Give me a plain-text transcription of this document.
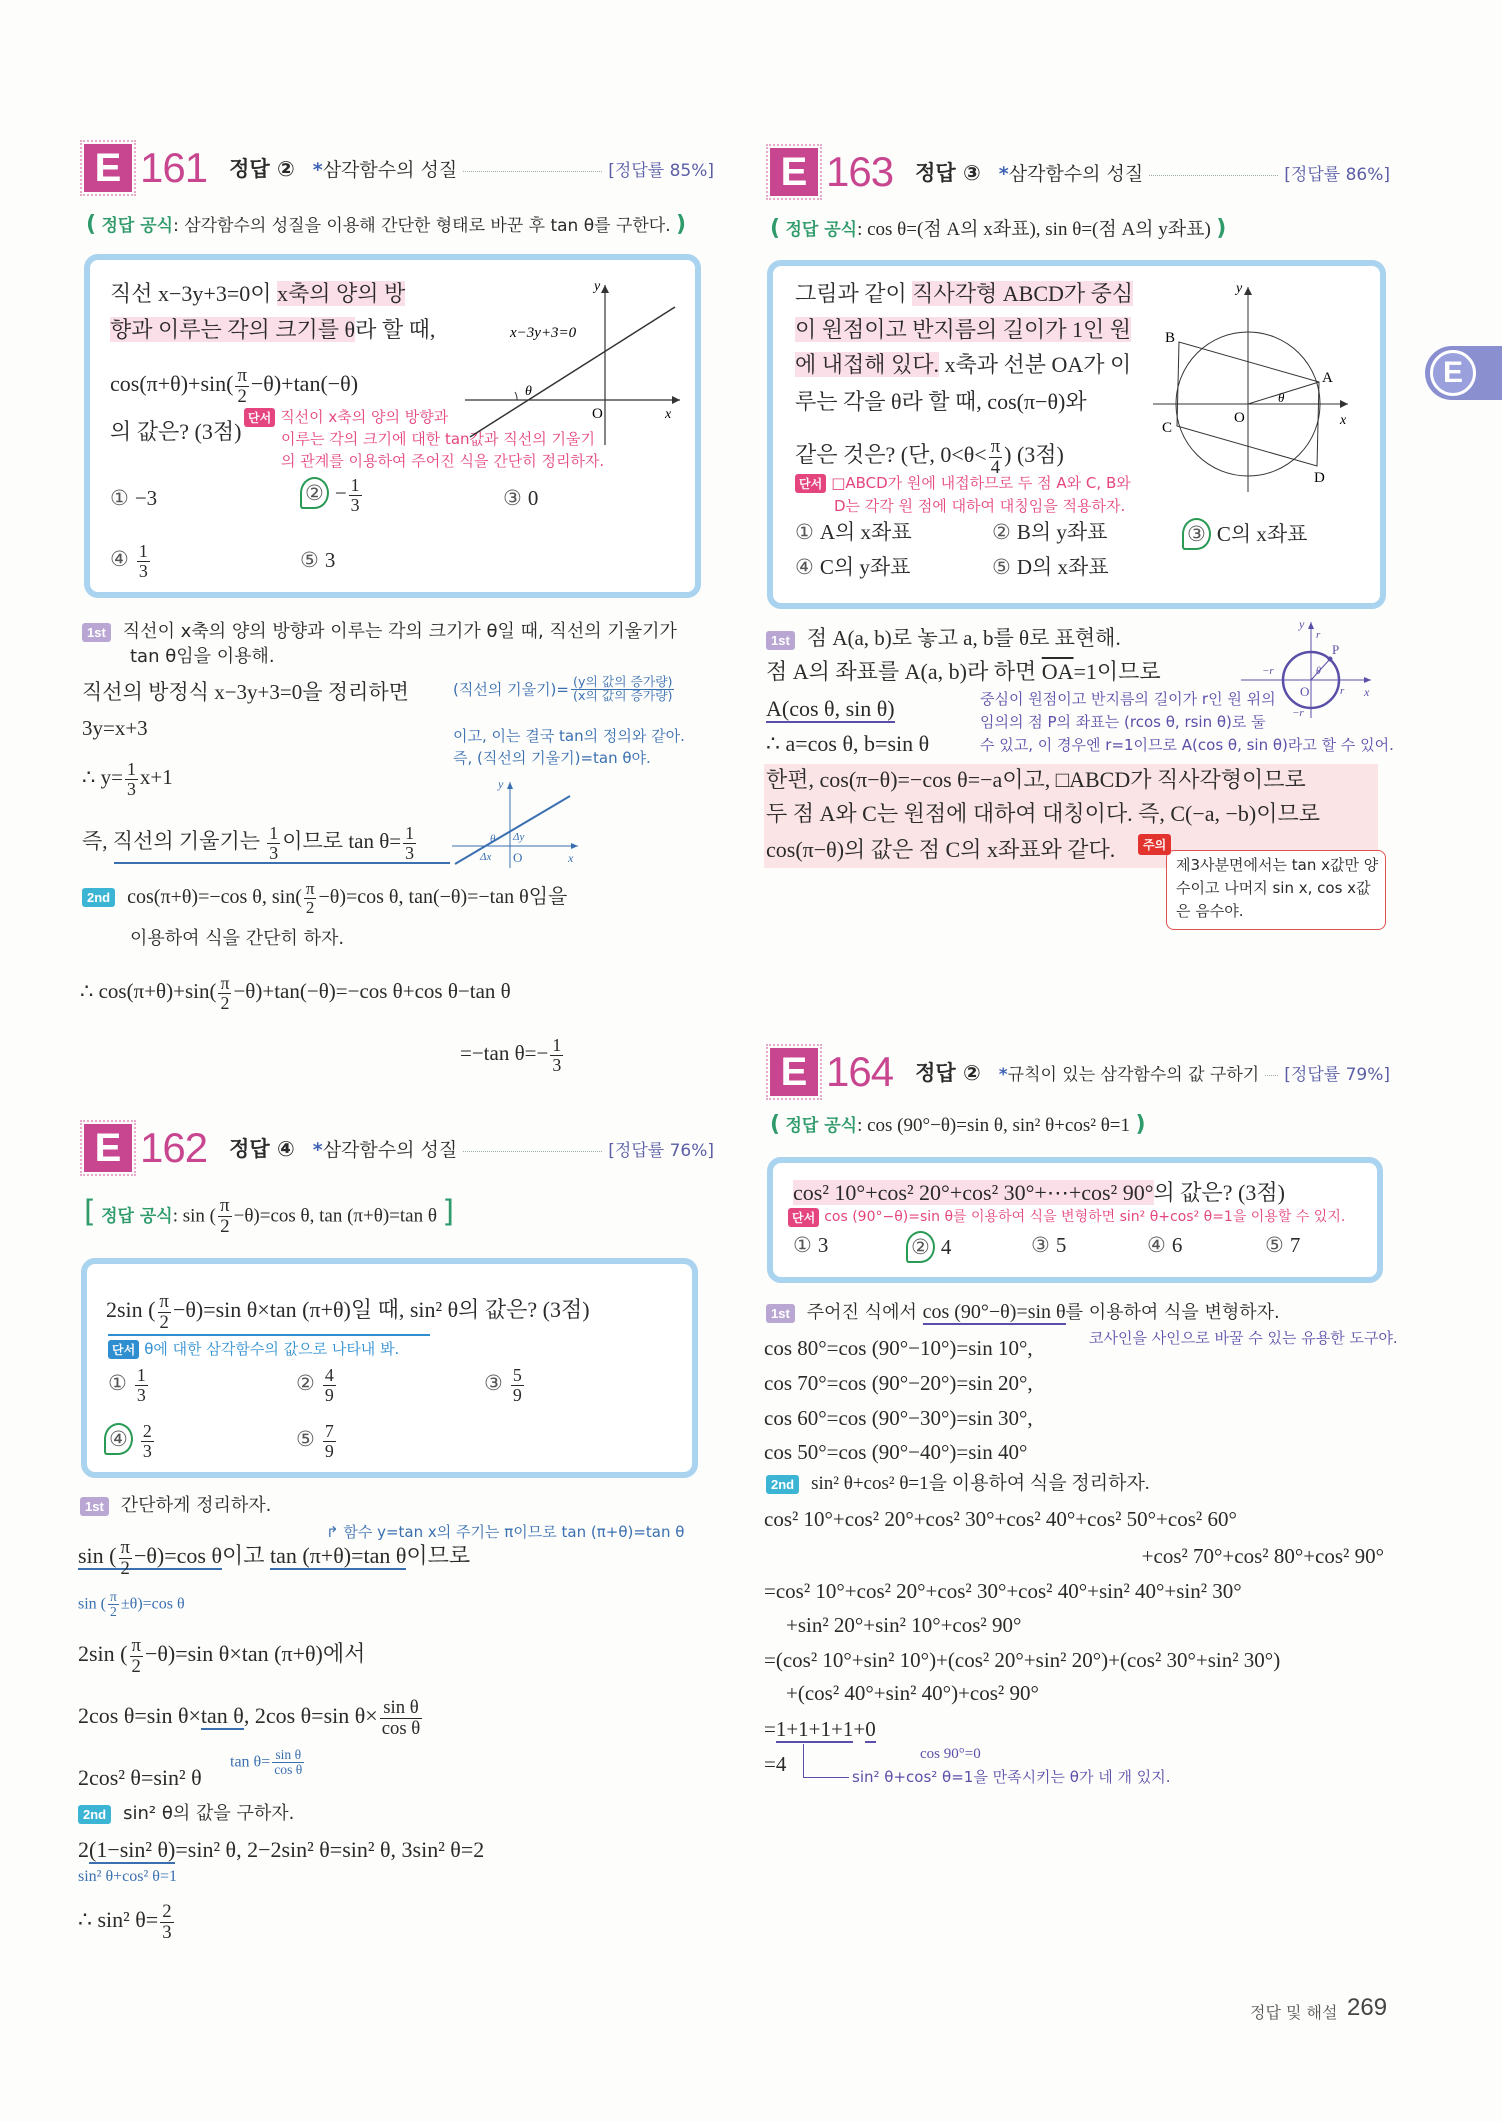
E
E 161 정답 ② *삼각함수의 성질	[정답률 85%]
( 정답 공식: 삼각함수의 성질을 이용해 간단한 형태로 바꾼 후 tan θ를 구한다. )
직선 x−3y+3=0이 x축의 양의 방
향과 이루는 각의 크기를 θ라 할 때,
$\cos(\pi+\theta)+\sin( \frac{\pi}{2} -\theta)+\tan(-\theta)$
의 값은? (3점)
단서 직선이 x축의 양의 방향과
이루는 각의 크기에 대한 tan값과 직선의 기울기
의 관계를 이용하여 주어진 식을 간단히 정리하자.
y
x
O
θ
x−3y+3=0
① −3	② − $\frac{1}{3}$	③ 0
④ $\frac{1}{3}$	⑤ 3
1st 직선이 x축의 양의 방향과 이루는 각의 크기가 θ일 때, 직선의 기울기가
tan θ임을 이용해.
직선의 방정식 x−3y+3=0을 정리하면
3y=x+3
∴ $y= \frac{1}{3} x+1$
즉, 직선의 기울기는 $\frac{1}{3}$ 이므로 $\tan \theta= \frac{1}{3}$
(직선의 기울기)= $\frac{\text{(y의 값의 증가량)}}{\text{(x의 값의 증가량)}}$
이고, 이는 결국 tan의 정의와 같아.
즉, (직선의 기울기)=tan θ야.
y
x
O
Δy
Δx
θ
2nd cos(π+θ)=−cos θ, $\sin( \frac{\pi}{2} -\theta)=\cos$ θ, tan(−θ)=−tan θ임을
이용하여 식을 간단히 하자.
∴ $\cos(\pi+\theta)+\sin( \frac{\pi}{2} -\theta)+\tan(-\theta)=-\cos$ θ+cos θ−tan θ
=−tan $\theta=- \frac{1}{3}$
E 162 정답 ④ *삼각함수의 성질	[정답률 76%]
[ 정답 공식: sin ( $\frac{\pi}{2} -\theta)=\cos$ θ, tan (π+θ)=tan θ ]
2sin ( $\frac{\pi}{2} -\theta)=\sin$ θ×tan (π+θ)일 때, sin² θ의 값은? (3점)
단서 θ에 대한 삼각함수의 값으로 나타내 봐.
① $\frac{1}{3}$	② $\frac{4}{9}$	③ $\frac{5}{9}$
④ $\frac{2}{3}$	⑤ $\frac{7}{9}$
1st 간단하게 정리하자.
↱ 함수 y=tan x의 주기는 π이므로 tan (π+θ)=tan θ
sin ( $\frac{\pi}{2} -\theta)=\cos$ θ이고 tan (π+θ)=tan θ이므로
sin ( $\frac{\pi}{2} \pm\theta)=\cos$ θ
2sin ( $\frac{\pi}{2} -\theta)=\sin$ θ×tan (π+θ)에서
2cos θ=sin θ×tan θ, 2cos θ=sin $\theta\times \frac{\text{sin θ}}{\text{cos θ}}$
$\tan \theta= \frac{\text{sin θ}}{\text{cos θ}}$
2cos² θ=sin² θ
2nd sin² θ의 값을 구하자.
2(1−sin² θ)=sin² θ, 2−2sin² θ=sin² θ, 3sin² θ=2
sin² θ+cos² θ=1
∴ sin² $\theta= \frac{2}{3}$
E 163 정답 ③ *삼각함수의 성질	[정답률 86%]
( 정답 공식: cos θ=(점 A의 x좌표), sin θ=(점 A의 y좌표) )
그림과 같이 직사각형 ABCD가 중심
이 원점이고 반지름의 길이가 1인 원
에 내접해 있다. x축과 선분 OA가 이
루는 각을 θ라 할 때, cos(π−θ)와
같은 것은? (단, $0<\theta< \frac{\pi}{4}$ ) (3점)
단서 □ABCD가 원에 내접하므로 두 점 A와 C, B와
D는 각각 원 점에 대하여 대칭임을 적용하자.
y
x
O
A
B
C
D
θ
① A의 x좌표	② B의 y좌표	③ C의 x좌표
④ C의 y좌표	⑤ D의 x좌표
1st 점 A(a, b)로 놓고 a, b를 θ로 표현해.
점 A의 좌표를 A(a, b)라 하면 $\overline{OA}=1$이므로
A(cos θ, sin θ)
∴ a=cos θ, b=sin θ
중심이 원점이고 반지름의 길이가 r인 원 위의
임의의 점 P의 좌표는 (rcos θ, rsin θ)로 둘
수 있고, 이 경우엔 r=1이므로 A(cos θ, sin θ)라고 할 수 있어.
y
x
O
P
r
r
−r
−r
θ
한편, cos(π−θ)=−cos θ=−a이고, □ABCD가 직사각형이므로
두 점 A와 C는 원점에 대하여 대칭이다. 즉, C(−a, −b)이므로
cos(π−θ)의 값은 점 C의 x좌표와 같다.	주의
제3사분면에서는 tan x값만 양
수이고 나머지 sin x, cos x값
은 음수야.
E 164 정답 ② *규칙이 있는 삼각함수의 값 구하기 [정답률 79%]
( 정답 공식: cos (90°−θ)=sin θ, sin² θ+cos² θ=1 )
cos² 10°+cos² 20°+cos² 30°+⋯+cos² 90°의 값은? (3점)
단서 cos (90°−θ)=sin θ를 이용하여 식을 변형하면 sin² θ+cos² θ=1을 이용할 수 있지.
① 3	② 4	③ 5	④ 6	⑤ 7
1st 주어진 식에서 cos (90°−θ)=sin θ를 이용하여 식을 변형하자.
코사인을 사인으로 바꿀 수 있는 유용한 도구야.
cos 80°=cos (90°−10°)=sin 10°,
cos 70°=cos (90°−20°)=sin 20°,
cos 60°=cos (90°−30°)=sin 30°,
cos 50°=cos (90°−40°)=sin 40°
2nd sin² θ+cos² θ=1을 이용하여 식을 정리하자.
cos² 10°+cos² 20°+cos² 30°+cos² 40°+cos² 50°+cos² 60°
+cos² 70°+cos² 80°+cos² 90°
=cos² 10°+cos² 20°+cos² 30°+cos² 40°+sin² 40°+sin² 30°
+sin² 20°+sin² 10°+cos² 90°
=(cos² 10°+sin² 10°)+(cos² 20°+sin² 20°)+(cos² 30°+sin² 30°)
+(cos² 40°+sin² 40°)+cos² 90°
=1+1+1+1+0
cos 90°=0
=4
sin² θ+cos² θ=1을 만족시키는 θ가 네 개 있지.
정답 및 해설 269
